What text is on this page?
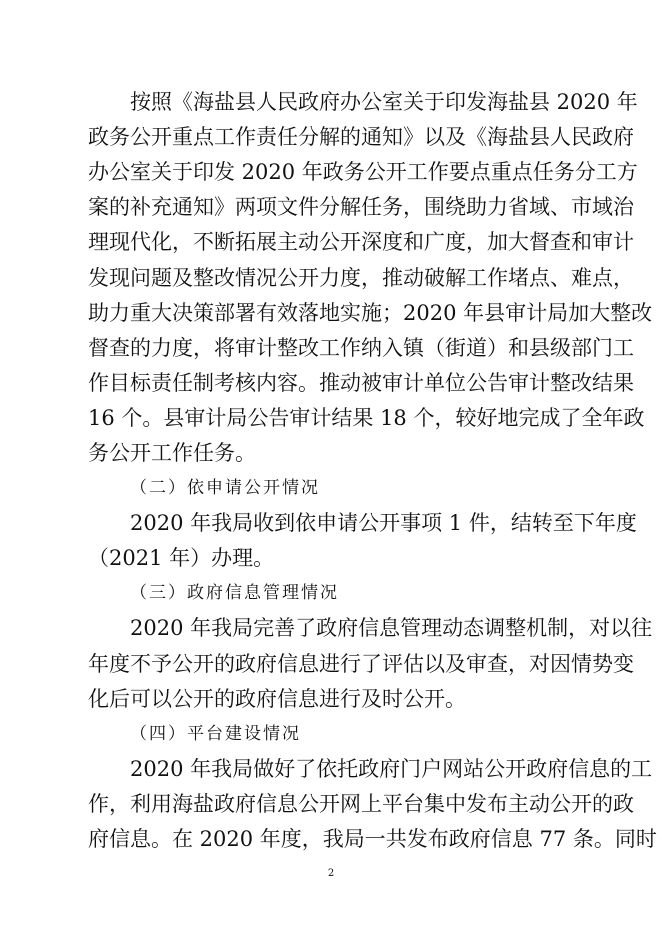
按照《海盐县人民政府办公室关于印发海盐县 2020 年
政务公开重点工作责任分解的通知》以及《海盐县人民政府
办公室关于印发 2020 年政务公开工作要点重点任务分工方
案的补充通知》两项文件分解任务，围绕助力省域、市域治
理现代化，不断拓展主动公开深度和广度，加大督查和审计
发现问题及整改情况公开力度，推动破解工作堵点、难点，
助力重大决策部署有效落地实施；2020 年县审计局加大整改
督查的力度，将审计整改工作纳入镇（街道）和县级部门工
作目标责任制考核内容。推动被审计单位公告审计整改结果
16 个。县审计局公告审计结果 18 个，较好地完成了全年政
务公开工作任务。
（二）依申请公开情况
2020 年我局收到依申请公开事项 1 件，结转至下年度
（2021 年）办理。
（三）政府信息管理情况
2020 年我局完善了政府信息管理动态调整机制，对以往
年度不予公开的政府信息进行了评估以及审查，对因情势变
化后可以公开的政府信息进行及时公开。
（四）平台建设情况
2020 年我局做好了依托政府门户网站公开政府信息的工
作，利用海盐政府信息公开网上平台集中发布主动公开的政
府信息。在 2020 年度，我局一共发布政府信息 77 条。同时
2
